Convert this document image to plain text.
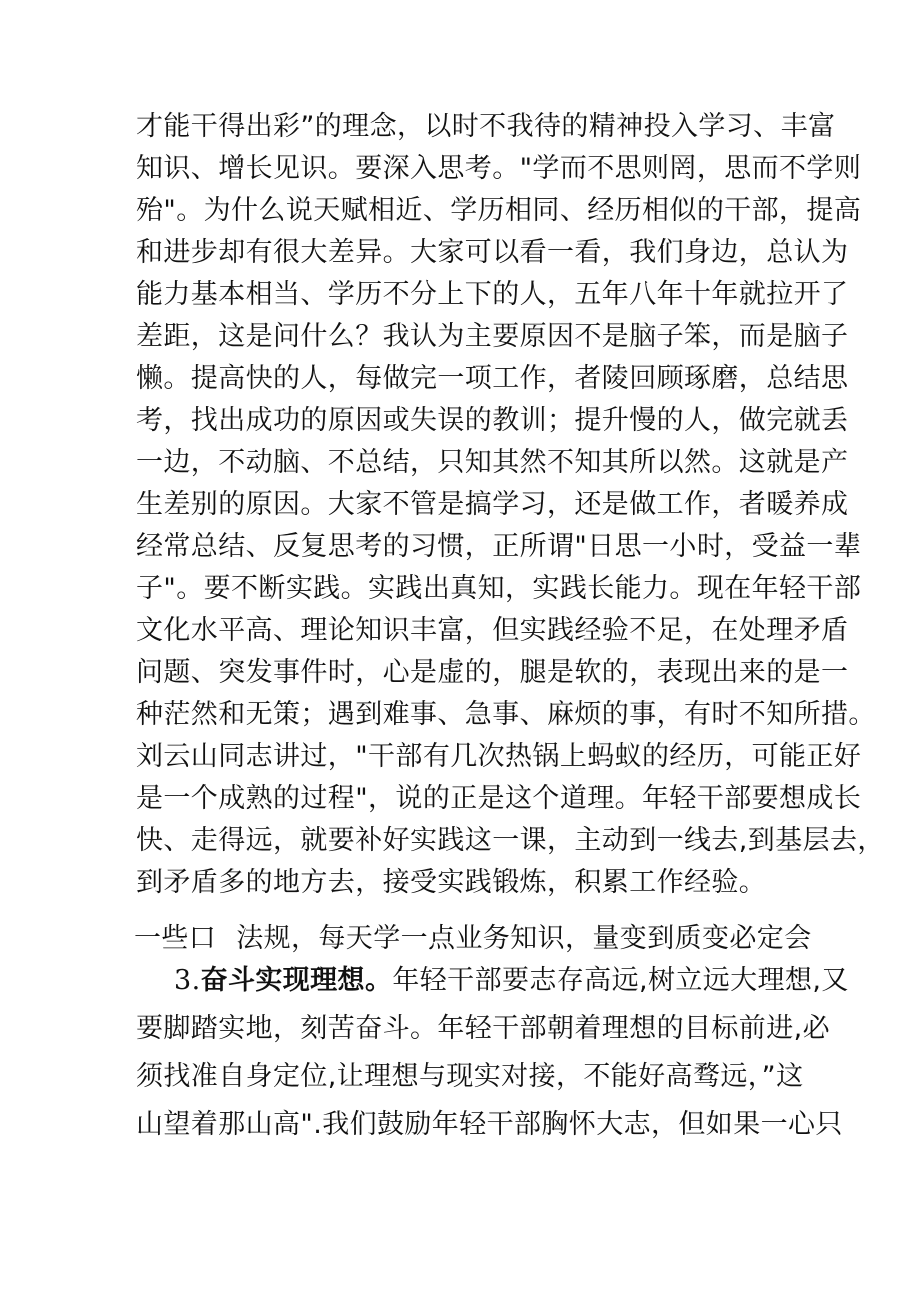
才能干得出彩”的理念，以时不我待的精神投入学习、丰富
知识、增长见识。要深入思考。"学而不思则罔，思而不学则
殆"。为什么说天赋相近、学历相同、经历相似的干部，提高
和进步却有很大差异。大家可以看一看，我们身边，总认为
能力基本相当、学历不分上下的人，五年八年十年就拉开了
差距，这是问什么？我认为主要原因不是脑子笨，而是脑子
懒。提高快的人，每做完一项工作，者陵回顾琢磨，总结思
考，找出成功的原因或失误的教训；提升慢的人，做完就丢
一边，不动脑、不总结，只知其然不知其所以然。这就是产
生差别的原因。大家不管是搞学习，还是做工作，者暖养成
经常总结、反复思考的习惯，正所谓"日思一小时，受益一辈
子"。要不断实践。实践出真知，实践长能力。现在年轻干部
文化水平高、理论知识丰富，但实践经验不足，在处理矛盾
问题、突发事件时，心是虚的，腿是软的，表现出来的是一
种茫然和无策；遇到难事、急事、麻烦的事，有时不知所措。
刘云山同志讲过，"干部有几次热锅上蚂蚁的经历，可能正好
是一个成熟的过程"，说的正是这个道理。年轻干部要想成长
快、走得远，就要补好实践这一课，主动到一线去,到基层去，
到矛盾多的地方去，接受实践锻炼，积累工作经验。
一些口 法规，每天学一点业务知识，量变到质变必定会
3.奋斗实现理想。年轻干部要志存高远,树立远大理想,又
要脚踏实地，刻苦奋斗。年轻干部朝着理想的目标前进,必
须找准自身定位,让理想与现实对接，不能好高骛远，”这
山望着那山高".我们鼓励年轻干部胸怀大志，但如果一心只
